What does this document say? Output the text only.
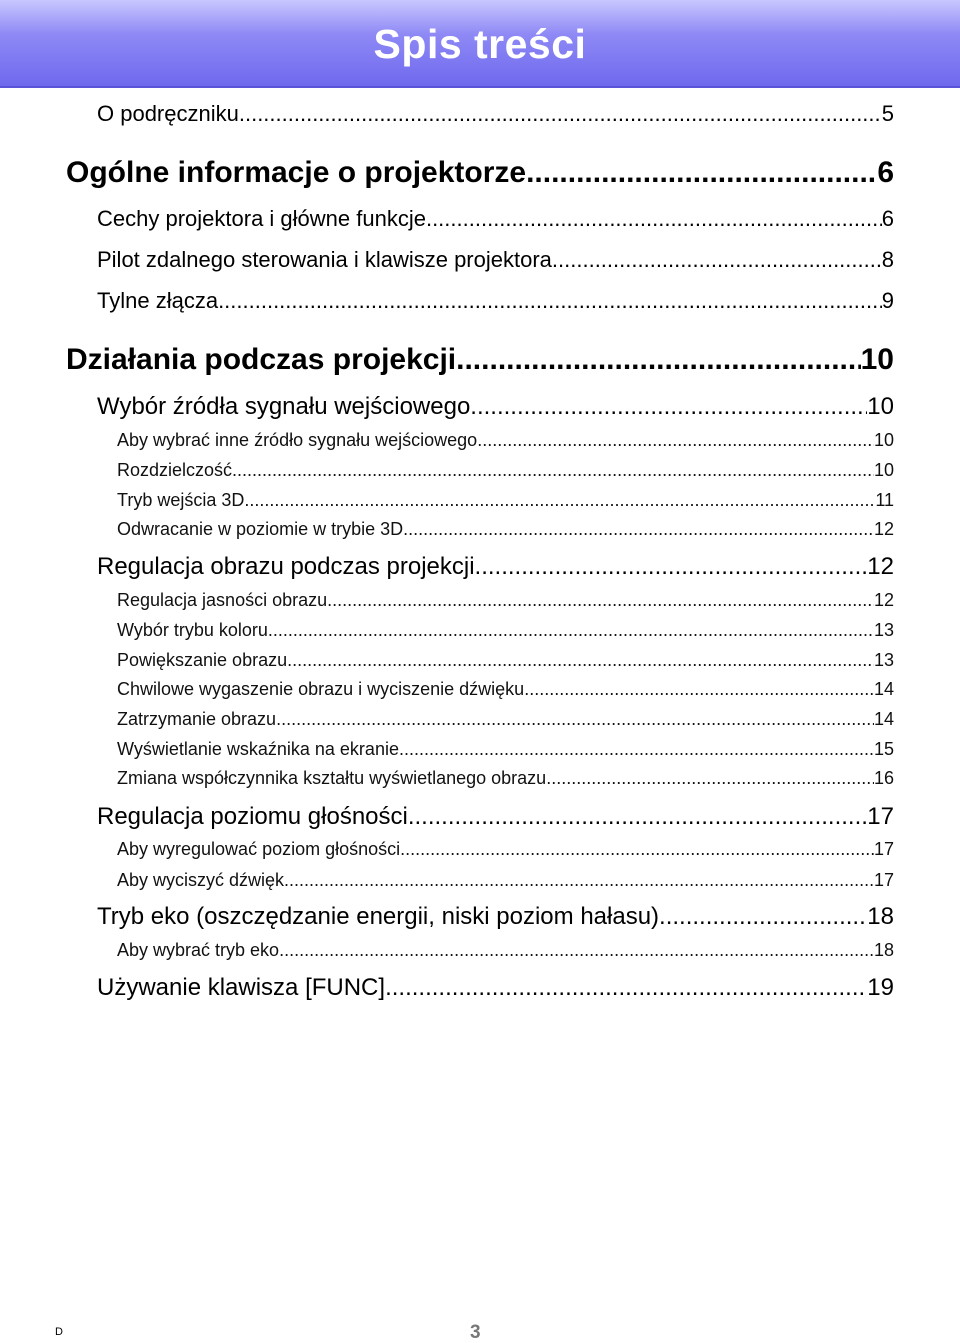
Spis treści
O podręczniku... .....	5
Ogólne informacje o projektorze .....	6
Cechy projektora i główne funkcje .....	6
Pilot zdalnego sterowania i klawisze projektora .....	8
Tylne złącza .....	9
Działania podczas projekcji .....	10
Wybór źródła sygnału wejściowego .....	10
Aby wybrać inne źródło sygnału wejściowego .....	10
Rozdzielczość .....	10
Tryb wejścia 3D .....	11
Odwracanie w poziomie w trybie 3D .....	12
Regulacja obrazu podczas projekcji .....	12
Regulacja jasności obrazu .....	12
Wybór trybu koloru .....	13
Powiększanie obrazu .....	13
Chwilowe wygaszenie obrazu i wyciszenie dźwięku .....	14
Zatrzymanie obrazu .....	14
Wyświetlanie wskaźnika na ekranie .....	15
Zmiana współczynnika kształtu wyświetlanego obrazu .....	16
Regulacja poziomu głośności .....	17
Aby wyregulować poziom głośności .....	17
Aby wyciszyć dźwięk .....	17
Tryb eko (oszczędzanie energii, niski poziom hałasu) .....	18
Aby wybrać tryb eko .....	18
Używanie klawisza [FUNC] .....	19
D	3
